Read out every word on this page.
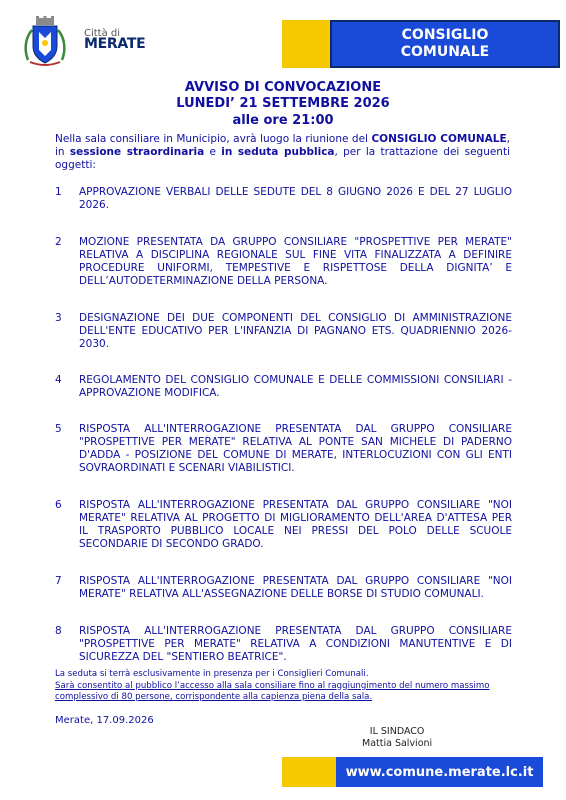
Città di
MERATE
CONSIGLIO
COMUNALE
AVVISO DI CONVOCAZIONE
LUNEDI’ 21 SETTEMBRE 2026
alle ore 21:00
Nella sala consiliare in Municipio, avrà luogo la riunione del CONSIGLIO COMUNALE, in sessione straordinaria e in seduta pubblica, per la trattazione dei seguenti oggetti:
1 APPROVAZIONE VERBALI DELLE SEDUTE DEL 8 GIUGNO 2026 E DEL 27 LUGLIO 2026.
2 MOZIONE PRESENTATA DA GRUPPO CONSILIARE "PROSPETTIVE PER MERATE" RELATIVA A DISCIPLINA REGIONALE SUL FINE VITA FINALIZZATA A DEFINIRE PROCEDURE UNIFORMI, TEMPESTIVE E RISPETTOSE DELLA DIGNITA’ E DELL’AUTODETERMINAZIONE DELLA PERSONA.
3 DESIGNAZIONE DEI DUE COMPONENTI DEL CONSIGLIO DI AMMINISTRAZIONE DELL'ENTE EDUCATIVO PER L'INFANZIA DI PAGNANO ETS. QUADRIENNIO 2026-2030.
4 REGOLAMENTO DEL CONSIGLIO COMUNALE E DELLE COMMISSIONI CONSILIARI - APPROVAZIONE MODIFICA.
5 RISPOSTA ALL'INTERROGAZIONE PRESENTATA DAL GRUPPO CONSILIARE "PROSPETTIVE PER MERATE" RELATIVA AL PONTE SAN MICHELE DI PADERNO D'ADDA - POSIZIONE DEL COMUNE DI MERATE, INTERLOCUZIONI CON GLI ENTI SOVRAORDINATI E SCENARI VIABILISTICI.
6 RISPOSTA ALL'INTERROGAZIONE PRESENTATA DAL GRUPPO CONSILIARE "NOI MERATE" RELATIVA AL PROGETTO DI MIGLIORAMENTO DELL'AREA D'ATTESA PER IL TRASPORTO PUBBLICO LOCALE NEI PRESSI DEL POLO DELLE SCUOLE SECONDARIE DI SECONDO GRADO.
7 RISPOSTA ALL'INTERROGAZIONE PRESENTATA DAL GRUPPO CONSILIARE "NOI MERATE" RELATIVA ALL'ASSEGNAZIONE DELLE BORSE DI STUDIO COMUNALI.
8 RISPOSTA ALL'INTERROGAZIONE PRESENTATA DAL GRUPPO CONSILIARE "PROSPETTIVE PER MERATE" RELATIVA A CONDIZIONI MANUTENTIVE E DI SICUREZZA DEL "SENTIERO BEATRICE".
La seduta si terrà esclusivamente in presenza per i Consiglieri Comunali.
Sarà consentito al pubblico l’accesso alla sala consiliare fino al raggiungimento del numero massimo complessivo di 80 persone, corrispondente alla capienza piena della sala.
Merate, 17.09.2026
IL SINDACO
Mattia Salvioni
www.comune.merate.lc.it
